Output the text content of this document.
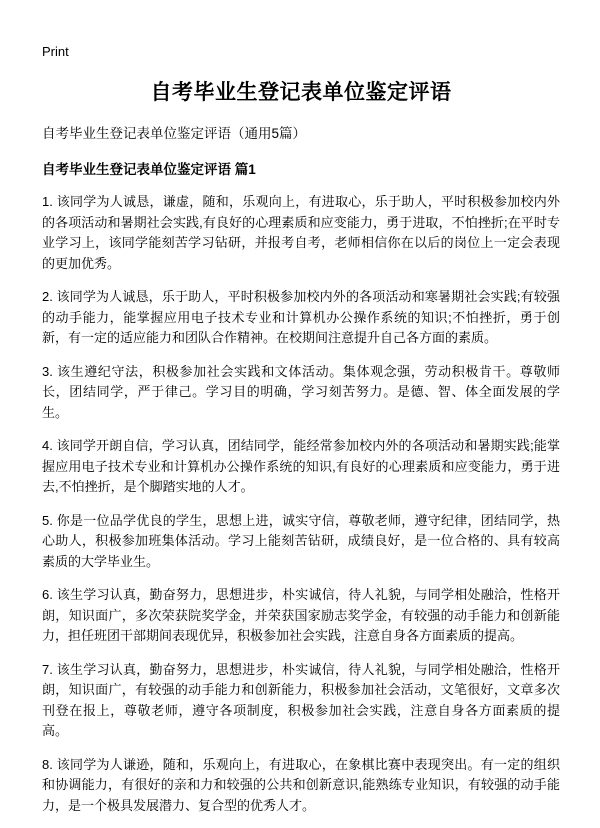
Print
自考毕业生登记表单位鉴定评语
自考毕业生登记表单位鉴定评语（通用5篇）
自考毕业生登记表单位鉴定评语 篇1
1. 该同学为人诚恳，谦虚，随和，乐观向上，有进取心，乐于助人，平时积极参加校内外的各项活动和暑期社会实践,有良好的心理素质和应变能力，勇于进取，不怕挫折;在平时专业学习上，该同学能刻苦学习钻研，并报考自考，老师相信你在以后的岗位上一定会表现的更加优秀。
2. 该同学为人诚恳，乐于助人，平时积极参加校内外的各项活动和寒暑期社会实践;有较强的动手能力，能掌握应用电子技术专业和计算机办公操作系统的知识;不怕挫折，勇于创新，有一定的适应能力和团队合作精神。在校期间注意提升自己各方面的素质。
3. 该生遵纪守法，积极参加社会实践和文体活动。集体观念强，劳动积极肯干。尊敬师长，团结同学，严于律己。学习目的明确，学习刻苦努力。是德、智、体全面发展的学生。
4. 该同学开朗自信，学习认真，团结同学，能经常参加校内外的各项活动和暑期实践;能掌握应用电子技术专业和计算机办公操作系统的知识,有良好的心理素质和应变能力，勇于进去,不怕挫折，是个脚踏实地的人才。
5. 你是一位品学优良的学生，思想上进，诚实守信，尊敬老师，遵守纪律，团结同学，热心助人，积极参加班集体活动。学习上能刻苦钻研，成绩良好，是一位合格的、具有较高素质的大学毕业生。
6. 该生学习认真，勤奋努力，思想进步，朴实诚信，待人礼貌，与同学相处融洽，性格开朗，知识面广，多次荣获院奖学金，并荣获国家励志奖学金，有较强的动手能力和创新能力，担任班团干部期间表现优异，积极参加社会实践，注意自身各方面素质的提高。
7. 该生学习认真，勤奋努力，思想进步，朴实诚信，待人礼貌，与同学相处融洽，性格开朗，知识面广，有较强的动手能力和创新能力，积极参加社会活动，文笔很好，文章多次刊登在报上，尊敬老师，遵守各项制度，积极参加社会实践，注意自身各方面素质的提高。
8. 该同学为人谦逊，随和，乐观向上，有进取心，在象棋比赛中表现突出。有一定的组织和协调能力，有很好的亲和力和较强的公共和创新意识,能熟练专业知识，有较强的动手能力，是一个极具发展潜力、复合型的优秀人才。
